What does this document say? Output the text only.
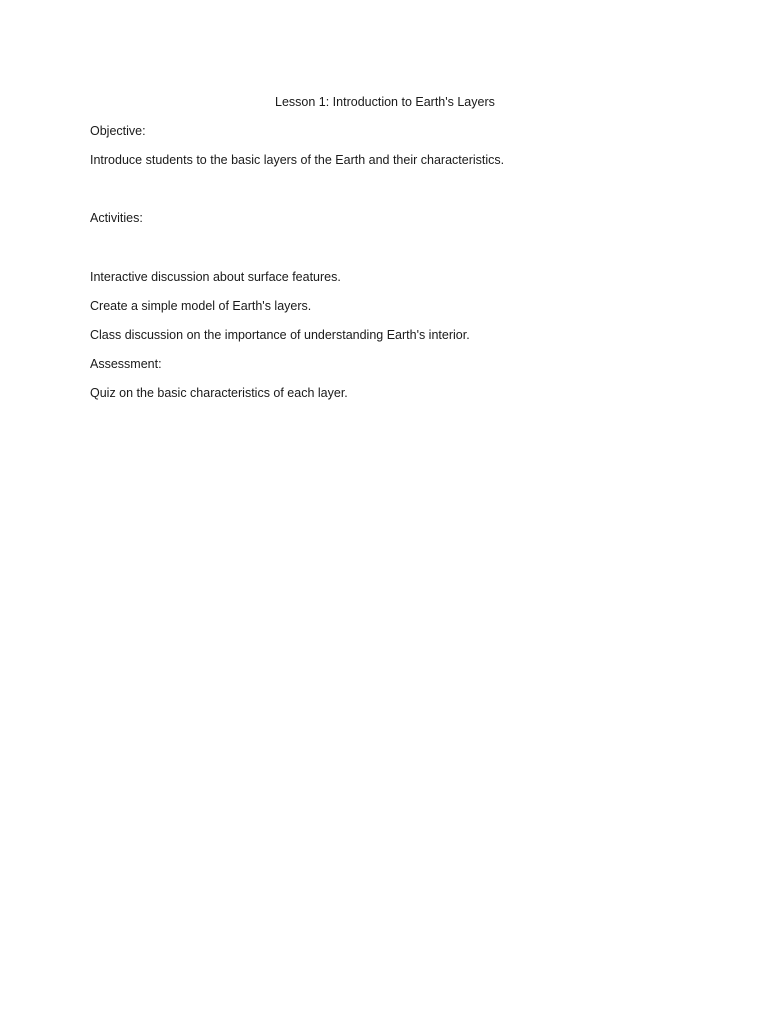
Lesson 1: Introduction to Earth's Layers
Objective:
Introduce students to the basic layers of the Earth and their characteristics.
Activities:
Interactive discussion about surface features.
Create a simple model of Earth's layers.
Class discussion on the importance of understanding Earth's interior.
Assessment:
Quiz on the basic characteristics of each layer.
